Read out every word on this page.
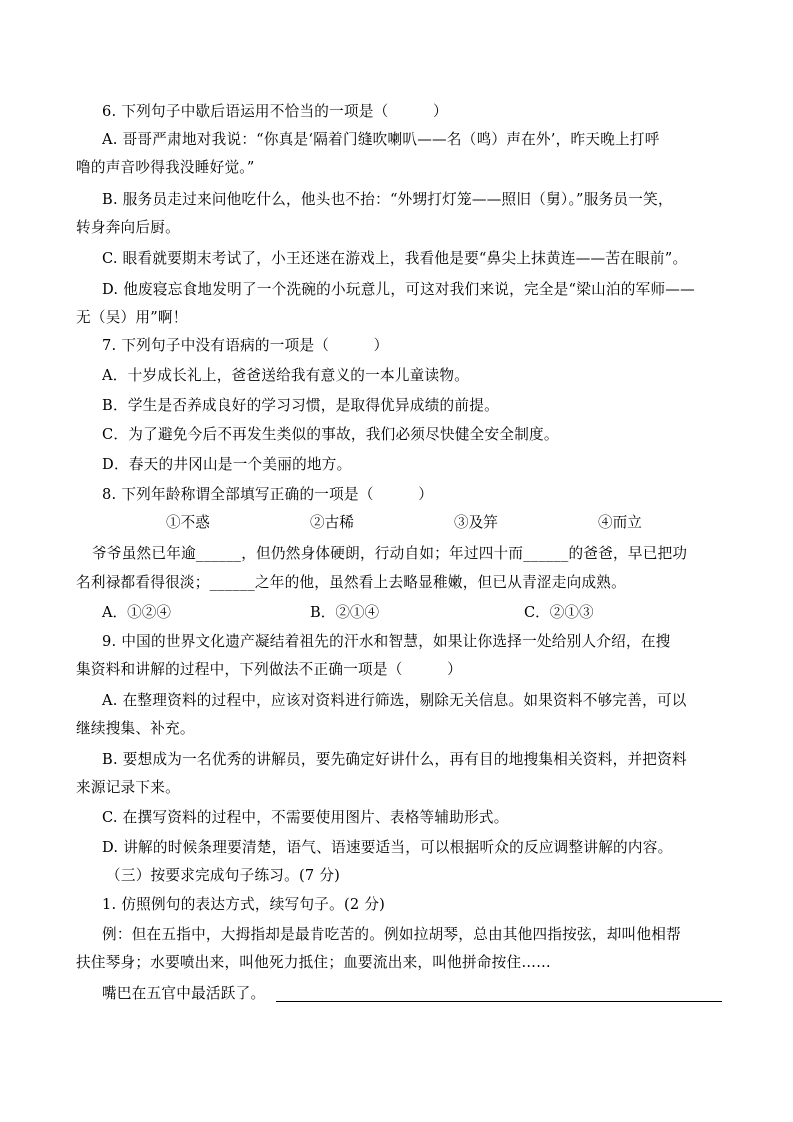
6. 下列句子中歇后语运用不恰当的一项是（　　　）
A. 哥哥严肃地对我说：“你真是‘隔着门缝吹喇叭——名（鸣）声在外’，昨天晚上打呼
噜的声音吵得我没睡好觉。”
B. 服务员走过来问他吃什么，他头也不抬：“外甥打灯笼——照旧（舅）。”服务员一笑，
转身奔向后厨。
C. 眼看就要期末考试了，小王还迷在游戏上，我看他是要“鼻尖上抹黄连——苦在眼前”。
D. 他废寝忘食地发明了一个洗碗的小玩意儿，可这对我们来说，完全是“梁山泊的军师——
无（吴）用”啊！
7. 下列句子中没有语病的一项是（　　　）
A．十岁成长礼上，爸爸送给我有意义的一本儿童读物。
B．学生是否养成良好的学习习惯，是取得优异成绩的前提。
C．为了避免今后不再发生类似的事故，我们必须尽快健全安全制度。
D．春天的井冈山是一个美丽的地方。
8. 下列年龄称谓全部填写正确的一项是（　　　）
①不惑	②古稀	③及笄	④而立
爷爷虽然已年逾______，但仍然身体硬朗，行动自如；年过四十而______的爸爸，早已把功
名利禄都看得很淡；______之年的他，虽然看上去略显稚嫩，但已从青涩走向成熟。
A．①②④	B．②①④	C．②①③
9. 中国的世界文化遗产凝结着祖先的汗水和智慧，如果让你选择一处给别人介绍，在搜
集资料和讲解的过程中，下列做法不正确一项是（　　　）
A. 在整理资料的过程中，应该对资料进行筛选，剔除无关信息。如果资料不够完善，可以
继续搜集、补充。
B. 要想成为一名优秀的讲解员，要先确定好讲什么，再有目的地搜集相关资料，并把资料
来源记录下来。
C. 在撰写资料的过程中，不需要使用图片、表格等辅助形式。
D. 讲解的时候条理要清楚，语气、语速要适当，可以根据听众的反应调整讲解的内容。
（三）按要求完成句子练习。(7 分)
1. 仿照例句的表达方式，续写句子。(2 分)
例：但在五指中，大拇指却是最肯吃苦的。例如拉胡琴，总由其他四指按弦，却叫他相帮
扶住琴身；水要喷出来，叫他死力抵住；血要流出来，叫他拼命按住……
嘴巴在五官中最活跃了。
